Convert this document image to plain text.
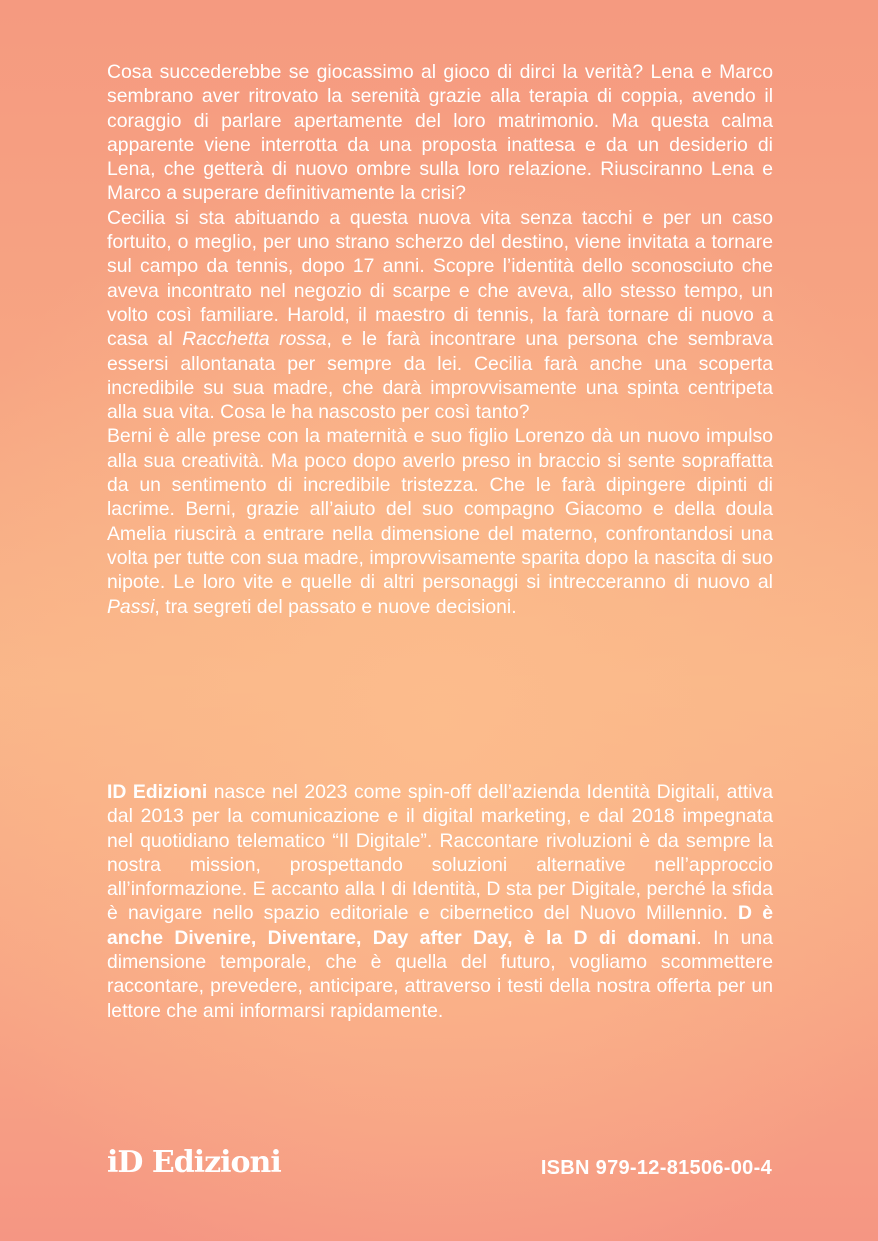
Cosa succederebbe se giocassimo al gioco di dirci la verità? Lena e Marco sembrano aver ritrovato la serenità grazie alla terapia di coppia, avendo il coraggio di parlare apertamente del loro matrimonio. Ma questa calma apparente viene interrotta da una proposta inattesa e da un desiderio di Lena, che getterà di nuovo ombre sulla loro relazione. Riusciranno Lena e Marco a superare definitivamente la crisi?

Cecilia si sta abituando a questa nuova vita senza tacchi e per un caso fortuito, o meglio, per uno strano scherzo del destino, viene invitata a tornare sul campo da tennis, dopo 17 anni. Scopre l’identità dello sconosciuto che aveva incontrato nel negozio di scarpe e che aveva, allo stesso tempo, un volto così familiare. Harold, il maestro di tennis, la farà tornare di nuovo a casa al Racchetta rossa, e le farà incontrare una persona che sembrava essersi allontanata per sempre da lei. Cecilia farà anche una scoperta incredibile su sua madre, che darà improvvisamente una spinta centripeta alla sua vita. Cosa le ha nascosto per così tanto?

Berni è alle prese con la maternità e suo figlio Lorenzo dà un nuovo impulso alla sua creatività. Ma poco dopo averlo preso in braccio si sente sopraffatta da un sentimento di incredibile tristezza. Che le farà dipingere dipinti di lacrime. Berni, grazie all’aiuto del suo compagno Giacomo e della doula Amelia riuscirà a entrare nella dimensione del materno, confrontandosi una volta per tutte con sua madre, improvvisamente sparita dopo la nascita di suo nipote. Le loro vite e quelle di altri personaggi si intrecceranno di nuovo al Passi, tra segreti del passato e nuove decisioni.

ID Edizioni nasce nel 2023 come spin-off dell’azienda Identità Digitali, attiva dal 2013 per la comunicazione e il digital marketing, e dal 2018 impegnata nel quotidiano telematico “Il Digitale”. Raccontare rivoluzioni è da sempre la nostra mission, prospettando soluzioni alternative nell’approccio all’informazione. E accanto alla I di Identità, D sta per Digitale, perché la sfida è navigare nello spazio editoriale e cibernetico del Nuovo Millennio. D è anche Divenire, Diventare, Day after Day, è la D di domani. In una dimensione temporale, che è quella del futuro, vogliamo scommettere raccontare, prevedere, anticipare, attraverso i testi della nostra offerta per un lettore che ami informarsi rapidamente.

iD Edizioni	ISBN 979-12-81506-00-4
